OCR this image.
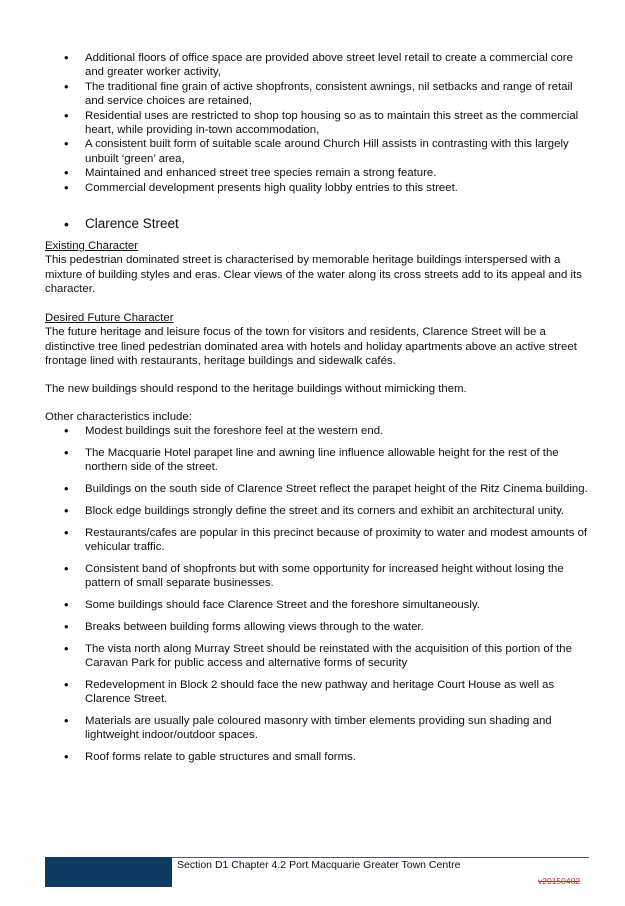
• Additional floors of office space are provided above street level retail to create a commercial core and greater worker activity,
• The traditional fine grain of active shopfronts, consistent awnings, nil setbacks and range of retail and service choices are retained,
• Residential uses are restricted to shop top housing so as to maintain this street as the commercial heart, while providing in-town accommodation,
• A consistent built form of suitable scale around Church Hill assists in contrasting with this largely unbuilt ‘green’ area,
• Maintained and enhanced street tree species remain a strong feature.
• Commercial development presents high quality lobby entries to this street.
• Clarence Street
Existing Character
This pedestrian dominated street is characterised by memorable heritage buildings interspersed with a mixture of building styles and eras. Clear views of the water along its cross streets add to its appeal and its character.
Desired Future Character
The future heritage and leisure focus of the town for visitors and residents, Clarence Street will be a distinctive tree lined pedestrian dominated area with hotels and holiday apartments above an active street frontage lined with restaurants, heritage buildings and sidewalk cafés.
The new buildings should respond to the heritage buildings without mimicking them.
Other characteristics include:
• Modest buildings suit the foreshore feel at the western end.
• The Macquarie Hotel parapet line and awning line influence allowable height for the rest of the northern side of the street.
• Buildings on the south side of Clarence Street reflect the parapet height of the Ritz Cinema building.
• Block edge buildings strongly define the street and its corners and exhibit an architectural unity.
• Restaurants/cafes are popular in this precinct because of proximity to water and modest amounts of vehicular traffic.
• Consistent band of shopfronts but with some opportunity for increased height without losing the pattern of small separate businesses.
• Some buildings should face Clarence Street and the foreshore simultaneously.
• Breaks between building forms allowing views through to the water.
• The vista north along Murray Street should be reinstated with the acquisition of this portion of the Caravan Park for public access and alternative forms of security
• Redevelopment in Block 2 should face the new pathway and heritage Court House as well as Clarence Street.
• Materials are usually pale coloured masonry with timber elements providing sun shading and lightweight indoor/outdoor spaces.
• Roof forms relate to gable structures and small forms.
Section D1 Chapter 4.2 Port Macquarie Greater Town Centre
v20150402
